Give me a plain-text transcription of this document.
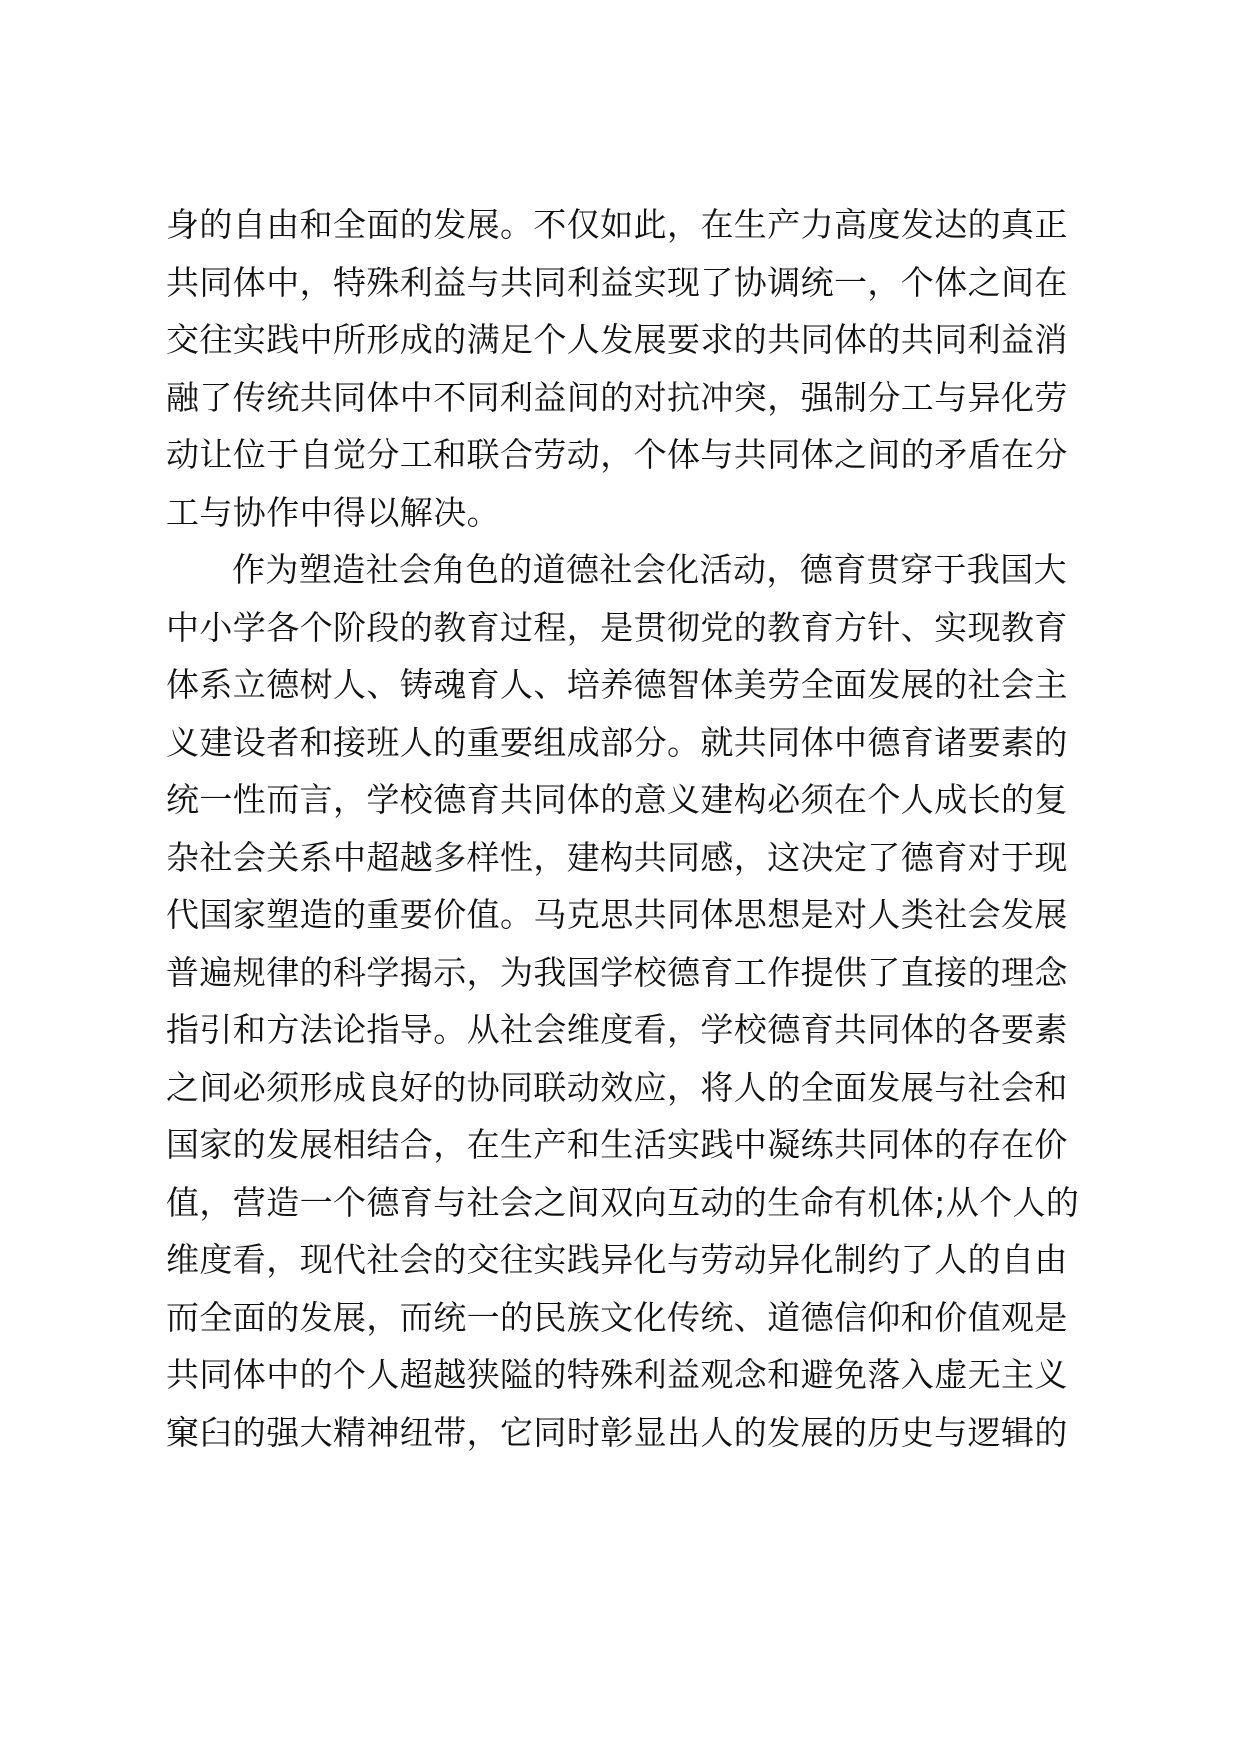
身的自由和全面的发展。不仅如此，在生产力高度发达的真正
共同体中，特殊利益与共同利益实现了协调统一，个体之间在
交往实践中所形成的满足个人发展要求的共同体的共同利益消
融了传统共同体中不同利益间的对抗冲突，强制分工与异化劳
动让位于自觉分工和联合劳动，个体与共同体之间的矛盾在分
工与协作中得以解决。
作为塑造社会角色的道德社会化活动，德育贯穿于我国大
中小学各个阶段的教育过程，是贯彻党的教育方针、实现教育
体系立德树人、铸魂育人、培养德智体美劳全面发展的社会主
义建设者和接班人的重要组成部分。就共同体中德育诸要素的
统一性而言，学校德育共同体的意义建构必须在个人成长的复
杂社会关系中超越多样性，建构共同感，这决定了德育对于现
代国家塑造的重要价值。马克思共同体思想是对人类社会发展
普遍规律的科学揭示，为我国学校德育工作提供了直接的理念
指引和方法论指导。从社会维度看，学校德育共同体的各要素
之间必须形成良好的协同联动效应，将人的全面发展与社会和
国家的发展相结合，在生产和生活实践中凝练共同体的存在价
值，营造一个德育与社会之间双向互动的生命有机体;从个人的
维度看，现代社会的交往实践异化与劳动异化制约了人的自由
而全面的发展，而统一的民族文化传统、道德信仰和价值观是
共同体中的个人超越狭隘的特殊利益观念和避免落入虚无主义
窠臼的强大精神纽带，它同时彰显出人的发展的历史与逻辑的
